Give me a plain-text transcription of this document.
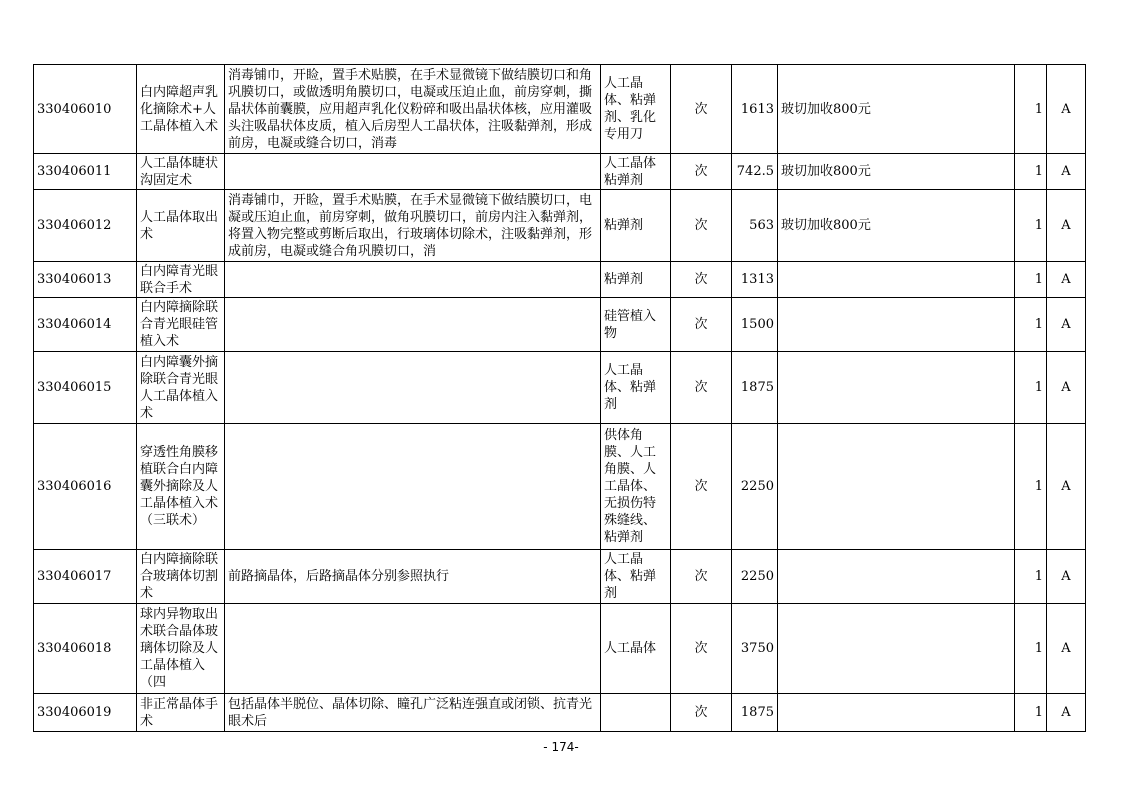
330406010	白内障超声乳化摘除术+人工晶体植入术	消毒铺巾，开睑，置手术贴膜，在手术显微镜下做结膜切口和角巩膜切口，或做透明角膜切口，电凝或压迫止血，前房穿刺，撕晶状体前囊膜，应用超声乳化仪粉碎和吸出晶状体核，应用灌吸头注吸晶状体皮质，植入后房型人工晶状体，注吸黏弹剂，形成前房，电凝或缝合切口，消毒	人工晶体、粘弹剂、乳化专用刀	次	1613	玻切加收800元	1	A

330406011	人工晶体睫状沟固定术		人工晶体粘弹剂	次	742.5	玻切加收800元	1	A

330406012	人工晶体取出术	消毒铺巾，开睑，置手术贴膜，在手术显微镜下做结膜切口，电凝或压迫止血，前房穿刺，做角巩膜切口，前房内注入黏弹剂，将置入物完整或剪断后取出，行玻璃体切除术，注吸黏弹剂，形成前房，电凝或缝合角巩膜切口，消	粘弹剂	次	563	玻切加收800元	1	A

330406013	白内障青光眼联合手术		粘弹剂	次	1313		1	A

330406014	白内障摘除联合青光眼硅管植入术		硅管植入物	次	1500		1	A

330406015	白内障囊外摘除联合青光眼人工晶体植入术		人工晶体、粘弹剂	次	1875		1	A

330406016	穿透性角膜移植联合白内障囊外摘除及人工晶体植入术（三联术）		供体角膜、人工角膜、人工晶体、无损伤特殊缝线、粘弹剂	次	2250		1	A

330406017	白内障摘除联合玻璃体切割术	前路摘晶体，后路摘晶体分别参照执行	人工晶体、粘弹剂	次	2250		1	A

330406018	球内异物取出术联合晶体玻璃体切除及人工晶体植入（四		人工晶体	次	3750		1	A

330406019	非正常晶体手术	包括晶体半脱位、晶体切除、瞳孔广泛粘连强直或闭锁、抗青光眼术后		次	1875		1	A
- 174-
